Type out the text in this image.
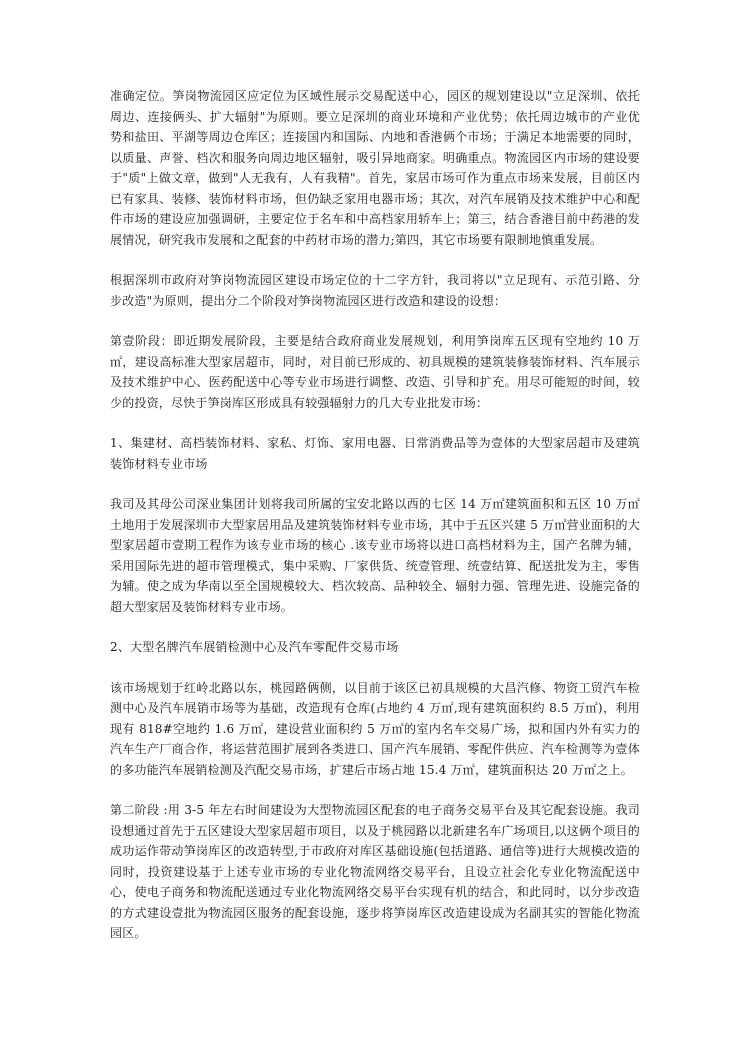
准确定位。笋岗物流园区应定位为区域性展示交易配送中心，园区的规划建设以"立足深圳、依托周边、连接俩头、扩大辐射"为原则。要立足深圳的商业环境和产业优势；依托周边城市的产业优势和盐田、平湖等周边仓库区；连接国内和国际、内地和香港俩个市场；于满足本地需要的同时，以质量、声誉、档次和服务向周边地区辐射，吸引异地商家。明确重点。物流园区内市场的建设要于"质"上做文章，做到"人无我有，人有我精"。首先，家居市场可作为重点市场来发展，目前区内已有家具、装修、装饰材料市场，但仍缺乏家用电器市场；其次，对汽车展销及技术维护中心和配件市场的建设应加强调研，主要定位于名车和中高档家用轿车上；第三，结合香港目前中药港的发展情况，研究我市发展和之配套的中药材市场的潜力;第四，其它市场要有限制地慎重发展。

根据深圳市政府对笋岗物流园区建设市场定位的十二字方针，我司将以"立足现有、示范引路、分步改造"为原则，提出分二个阶段对笋岗物流园区进行改造和建设的设想：

第壹阶段：即近期发展阶段，主要是结合政府商业发展规划，利用笋岗库五区现有空地约 10 万㎡，建设高标准大型家居超市，同时，对目前已形成的、初具规模的建筑装修装饰材料、汽车展示及技术维护中心、医药配送中心等专业市场进行调整、改造、引导和扩充。用尽可能短的时间，较少的投资，尽快于笋岗库区形成具有较强辐射力的几大专业批发市场：

1、集建材、高档装饰材料、家私、灯饰、家用电器、日常消费品等为壹体的大型家居超市及建筑装饰材料专业市场

我司及其母公司深业集团计划将我司所属的宝安北路以西的七区 14 万㎡建筑面积和五区 10 万㎡土地用于发展深圳市大型家居用品及建筑装饰材料专业市场，其中于五区兴建 5 万㎡营业面积的大型家居超市壹期工程作为该专业市场的核心 .该专业市场将以进口高档材料为主，国产名牌为辅，采用国际先进的超市管理模式，集中采购、厂家供货、统壹管理、统壹结算、配送批发为主，零售为辅。使之成为华南以至全国规模较大、档次较高、品种较全、辐射力强、管理先进、设施完备的超大型家居及装饰材料专业市场。

2、大型名牌汽车展销检测中心及汽车零配件交易市场

该市场规划于红岭北路以东，桃园路俩侧，以目前于该区已初具规模的大昌汽修、物资工贸汽车检测中心及汽车展销市场等为基础，改造现有仓库(占地约 4 万㎡,现有建筑面积约 8.5 万㎡)，利用现有 818#空地约 1.6 万㎡，建设营业面积约 5 万㎡的室内名车交易广场，拟和国内外有实力的汽车生产厂商合作，将运营范围扩展到各类进口、国产汽车展销、零配件供应、汽车检测等为壹体的多功能汽车展销检测及汽配交易市场，扩建后市场占地 15.4 万㎡，建筑面积达 20 万㎡之上。

第二阶段 :用 3-5 年左右时间建设为大型物流园区配套的电子商务交易平台及其它配套设施。我司设想通过首先于五区建设大型家居超市项目，以及于桃园路以北新建名车广场项目,以这俩个项目的成功运作带动笋岗库区的改造转型,于市政府对库区基础设施(包括道路、通信等)进行大规模改造的同时，投资建设基于上述专业市场的专业化物流网络交易平台，且设立社会化专业化物流配送中心，使电子商务和物流配送通过专业化物流网络交易平台实现有机的结合，和此同时，以分步改造的方式建设壹批为物流园区服务的配套设施，逐步将笋岗库区改造建设成为名副其实的智能化物流园区。
